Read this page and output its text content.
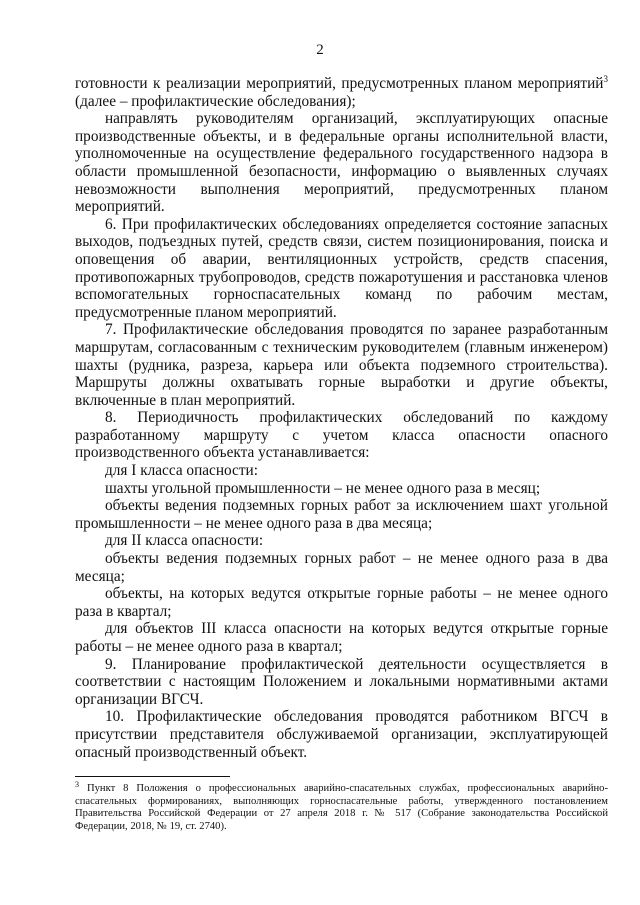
2

готовности к реализации мероприятий, предусмотренных планом мероприятий$^3$ (далее – профилактические обследования);

направлять руководителям организаций, эксплуатирующих опасные производственные объекты, и в федеральные органы исполнительной власти, уполномоченные на осуществление федерального государственного надзора в области промышленной безопасности, информацию о выявленных случаях невозможности выполнения мероприятий, предусмотренных планом мероприятий.

6. При профилактических обследованиях определяется состояние запасных выходов, подъездных путей, средств связи, систем позиционирования, поиска и оповещения об аварии, вентиляционных устройств, средств спасения, противопожарных трубопроводов, средств пожаротушения и расстановка членов вспомогательных горноспасательных команд по рабочим местам, предусмотренные планом мероприятий.

7. Профилактические обследования проводятся по заранее разработанным маршрутам, согласованным с техническим руководителем (главным инженером) шахты (рудника, разреза, карьера или объекта подземного строительства). Маршруты должны охватывать горные выработки и другие объекты, включенные в план мероприятий.

8. Периодичность профилактических обследований по каждому разработанному маршруту с учетом класса опасности опасного производственного объекта устанавливается:

для I класса опасности:

шахты угольной промышленности – не менее одного раза в месяц;

объекты ведения подземных горных работ за исключением шахт угольной промышленности – не менее одного раза в два месяца;

для II класса опасности:

объекты ведения подземных горных работ – не менее одного раза в два месяца;

объекты, на которых ведутся открытые горные работы – не менее одного раза в квартал;

для объектов III класса опасности на которых ведутся открытые горные работы – не менее одного раза в квартал;

9. Планирование профилактической деятельности осуществляется в соответствии с настоящим Положением и локальными нормативными актами организации ВГСЧ.

10. Профилактические обследования проводятся работником ВГСЧ в присутствии представителя обслуживаемой организации, эксплуатирующей опасный производственный объект.

$^3$ Пункт 8 Положения о профессиональных аварийно-спасательных службах, профессиональных аварийно-спасательных формированиях, выполняющих горноспасательные работы, утвержденного постановлением Правительства Российской Федерации от 27 апреля 2018 г. № 517 (Собрание законодательства Российской Федерации, 2018, № 19, ст. 2740).
